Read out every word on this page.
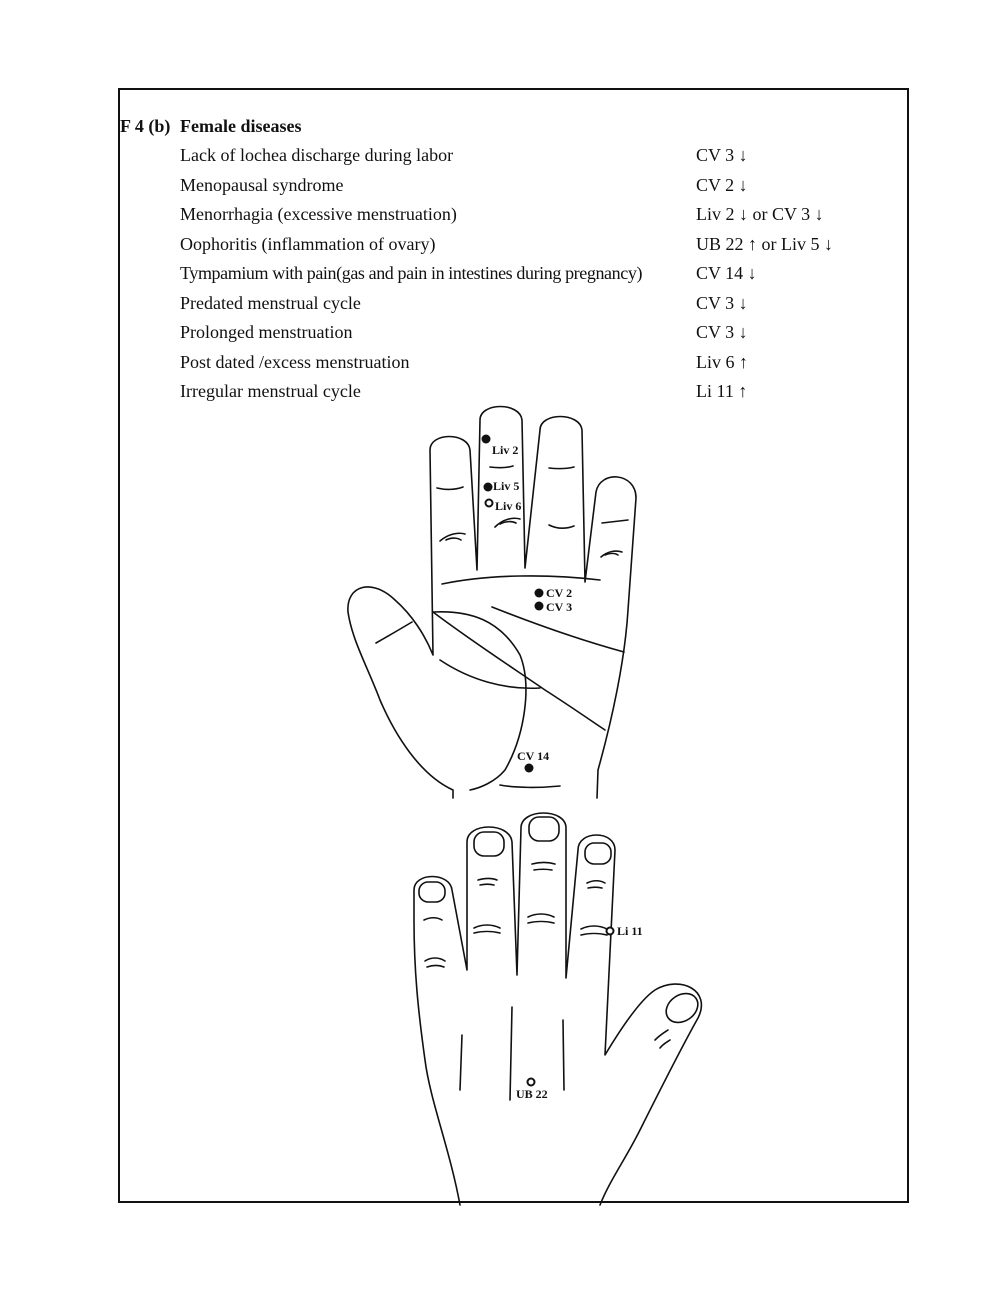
F 4 (b) Female diseases
Lack of lochea discharge during labor	CV 3 ↓
Menopausal syndrome	CV 2 ↓
Menorrhagia (excessive menstruation)	Liv 2 ↓ or CV 3 ↓
Oophoritis (inflammation of ovary)	UB 22 ↑ or Liv 5 ↓
Tympamium with pain(gas and pain in intestines during pregnancy)	CV 14 ↓
Predated menstrual cycle	CV 3 ↓
Prolonged menstruation	CV 3 ↓
Post dated /excess menstruation	Liv 6 ↑
Irregular menstrual cycle	Li 11 ↑
Liv 2
Liv 5
Liv 6
CV 2
CV 3
CV 14
Li 11
UB 22
